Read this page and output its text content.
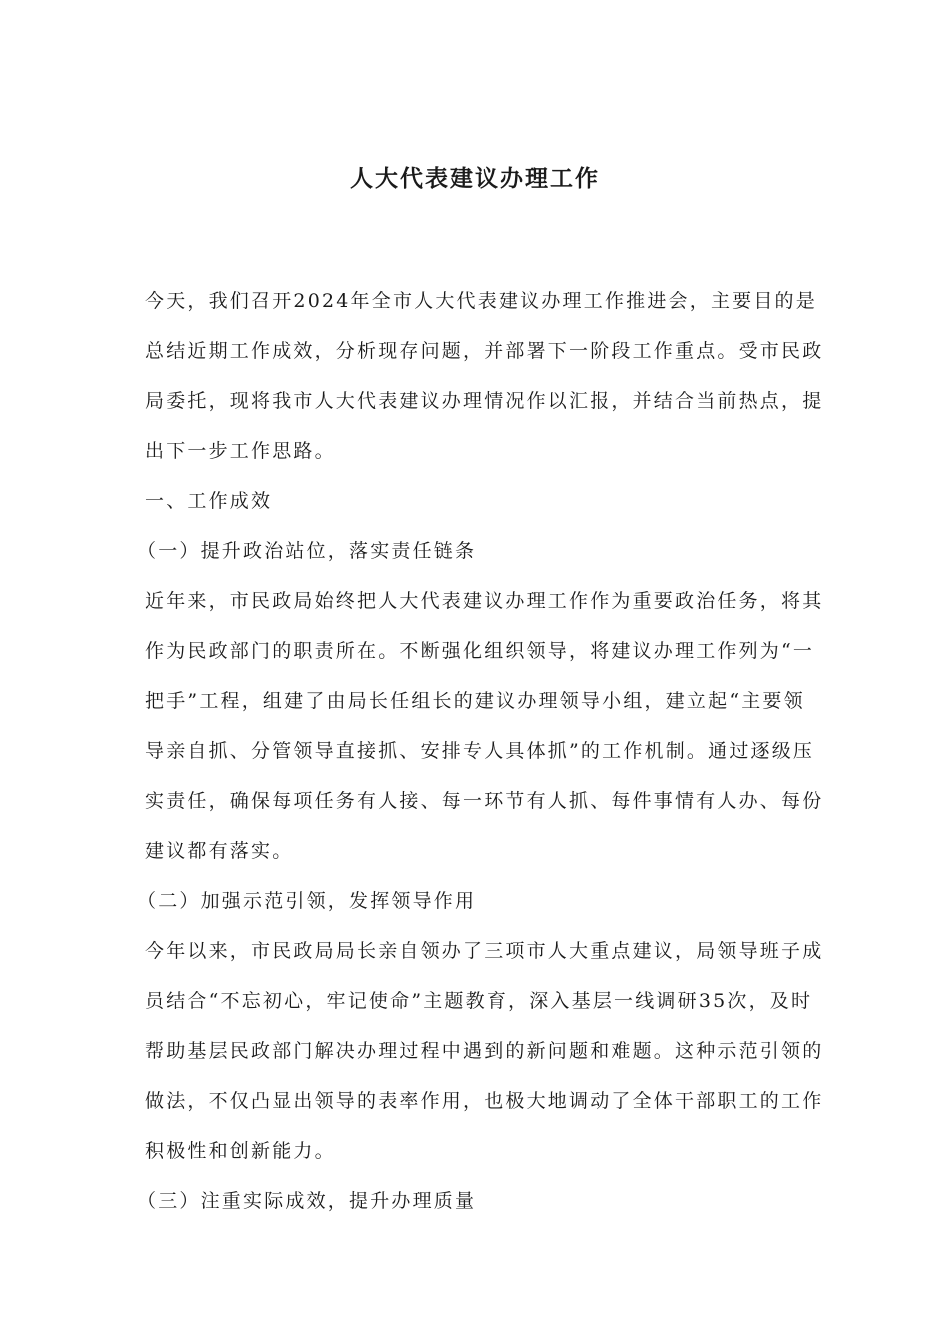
人大代表建议办理工作

今天，我们召开2024年全市人大代表建议办理工作推进会，主要目的是总结近期工作成效，分析现存问题，并部署下一阶段工作重点。受市民政局委托，现将我市人大代表建议办理情况作以汇报，并结合当前热点，提出下一步工作思路。

一、工作成效

（一）提升政治站位，落实责任链条

近年来，市民政局始终把人大代表建议办理工作作为重要政治任务，将其作为民政部门的职责所在。不断强化组织领导，将建议办理工作列为“一把手”工程，组建了由局长任组长的建议办理领导小组，建立起“主要领导亲自抓、分管领导直接抓、安排专人具体抓”的工作机制。通过逐级压实责任，确保每项任务有人接、每一环节有人抓、每件事情有人办、每份建议都有落实。

（二）加强示范引领，发挥领导作用

今年以来，市民政局局长亲自领办了三项市人大重点建议，局领导班子成员结合“不忘初心，牢记使命”主题教育，深入基层一线调研35次，及时帮助基层民政部门解决办理过程中遇到的新问题和难题。这种示范引领的做法，不仅凸显出领导的表率作用，也极大地调动了全体干部职工的工作积极性和创新能力。

（三）注重实际成效，提升办理质量
